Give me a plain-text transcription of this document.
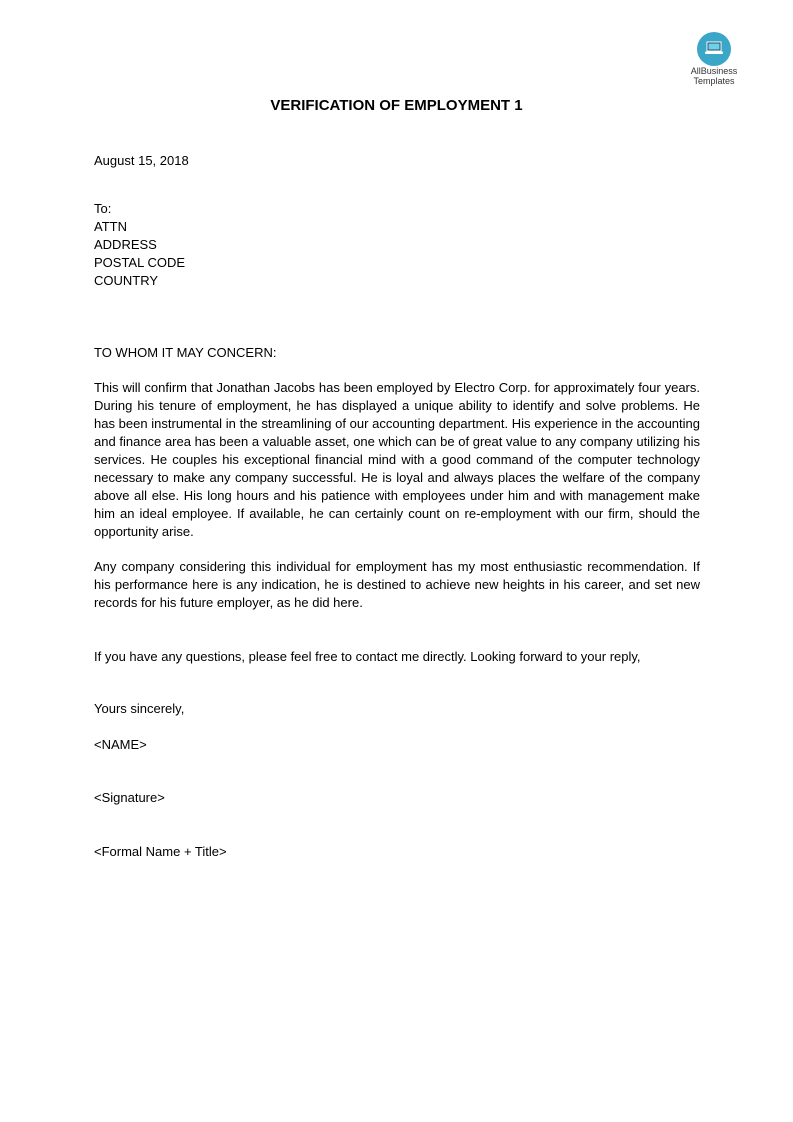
AllBusiness
Templates
VERIFICATION OF EMPLOYMENT 1
August 15, 2018
To:
ATTN
ADDRESS
POSTAL CODE
COUNTRY
TO WHOM IT MAY CONCERN:
This will confirm that Jonathan Jacobs has been employed by Electro Corp. for approximately four years. During his tenure of employment, he has displayed a unique ability to identify and solve problems. He has been instrumental in the streamlining of our accounting department. His experience in the accounting and finance area has been a valuable asset, one which can be of great value to any company utilizing his services. He couples his exceptional financial mind with a good command of the computer technology necessary to make any company successful. He is loyal and always places the welfare of the company above all else. His long hours and his patience with employees under him and with management make him an ideal employee. If available, he can certainly count on re-employment with our firm, should the opportunity arise.
Any company considering this individual for employment has my most enthusiastic recommendation. If his performance here is any indication, he is destined to achieve new heights in his career, and set new records for his future employer, as he did here.
If you have any questions, please feel free to contact me directly. Looking forward to your reply,
Yours sincerely,
<NAME>
<Signature>
<Formal Name + Title>
